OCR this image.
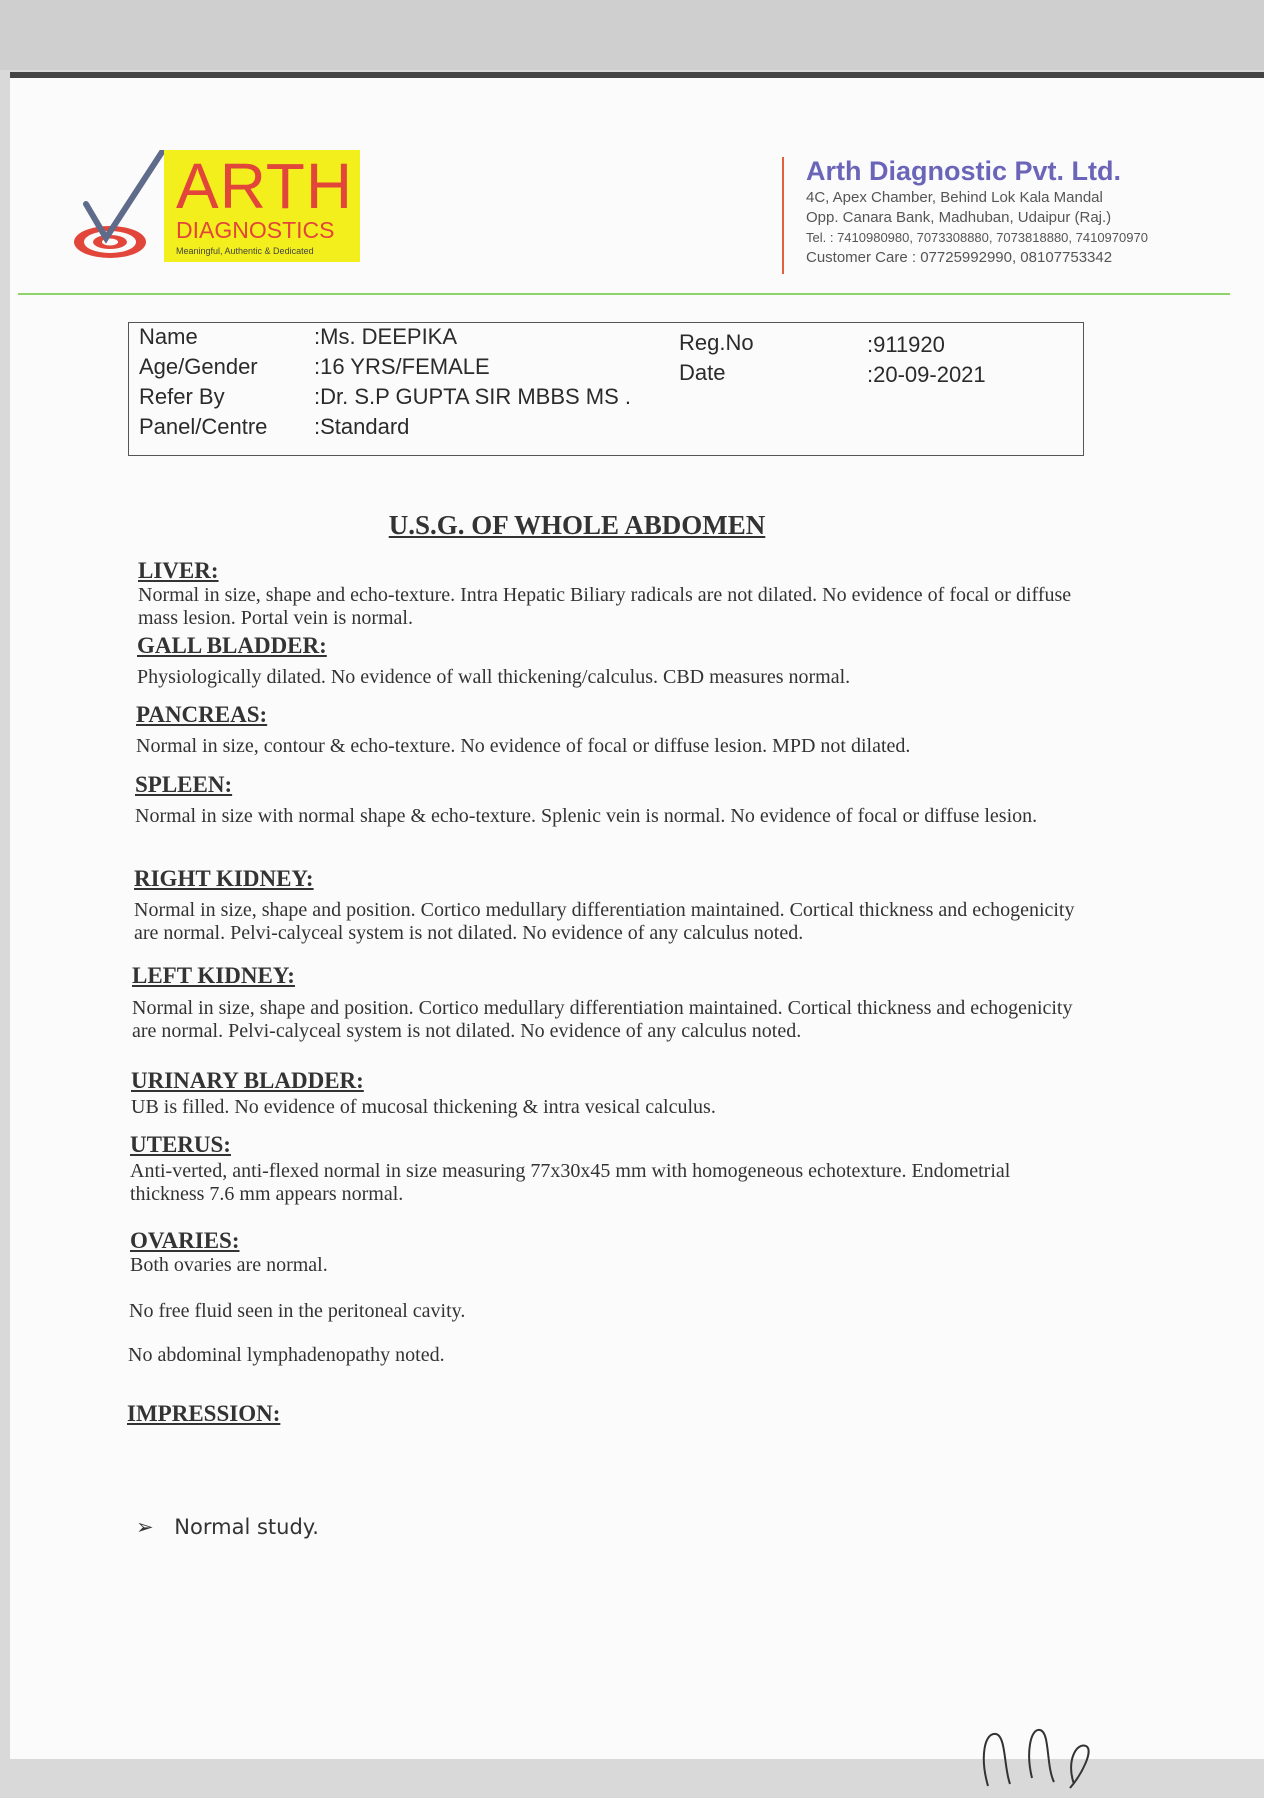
ARTH
DIAGNOSTICS
Meaningful, Authentic & Dedicated
Arth Diagnostic Pvt. Ltd.
4C, Apex Chamber, Behind Lok Kala Mandal
Opp. Canara Bank, Madhuban, Udaipur (Raj.)
Tel. : 7410980980, 7073308880, 7073818880, 7410970970
Customer Care : 07725992990, 08107753342
Name	:Ms. DEEPIKA
Age/Gender	:16 YRS/FEMALE
Refer By	:Dr. S.P GUPTA SIR MBBS MS .
Panel/Centre :Standard
Reg.No	:911920
Date	:20-09-2021
U.S.G. OF WHOLE ABDOMEN
LIVER:
Normal in size, shape and echo-texture. Intra Hepatic Biliary radicals are not dilated. No evidence of focal or diffuse mass lesion. Portal vein is normal.
GALL BLADDER:
Physiologically dilated. No evidence of wall thickening/calculus. CBD measures normal.
PANCREAS:
Normal in size, contour & echo-texture. No evidence of focal or diffuse lesion. MPD not dilated.
SPLEEN:
Normal in size with normal shape & echo-texture. Splenic vein is normal. No evidence of focal or diffuse lesion.
RIGHT KIDNEY:
Normal in size, shape and position. Cortico medullary differentiation maintained. Cortical thickness and echogenicity are normal. Pelvi-calyceal system is not dilated. No evidence of any calculus noted.
LEFT KIDNEY:
Normal in size, shape and position. Cortico medullary differentiation maintained. Cortical thickness and echogenicity are normal. Pelvi-calyceal system is not dilated. No evidence of any calculus noted.
URINARY BLADDER:
UB is filled. No evidence of mucosal thickening & intra vesical calculus.
UTERUS:
Anti-verted, anti-flexed normal in size measuring 77x30x45 mm with homogeneous echotexture. Endometrial thickness 7.6 mm appears normal.
OVARIES:
Both ovaries are normal.
No free fluid seen in the peritoneal cavity.
No abdominal lymphadenopathy noted.
IMPRESSION:
➢ Normal study.
